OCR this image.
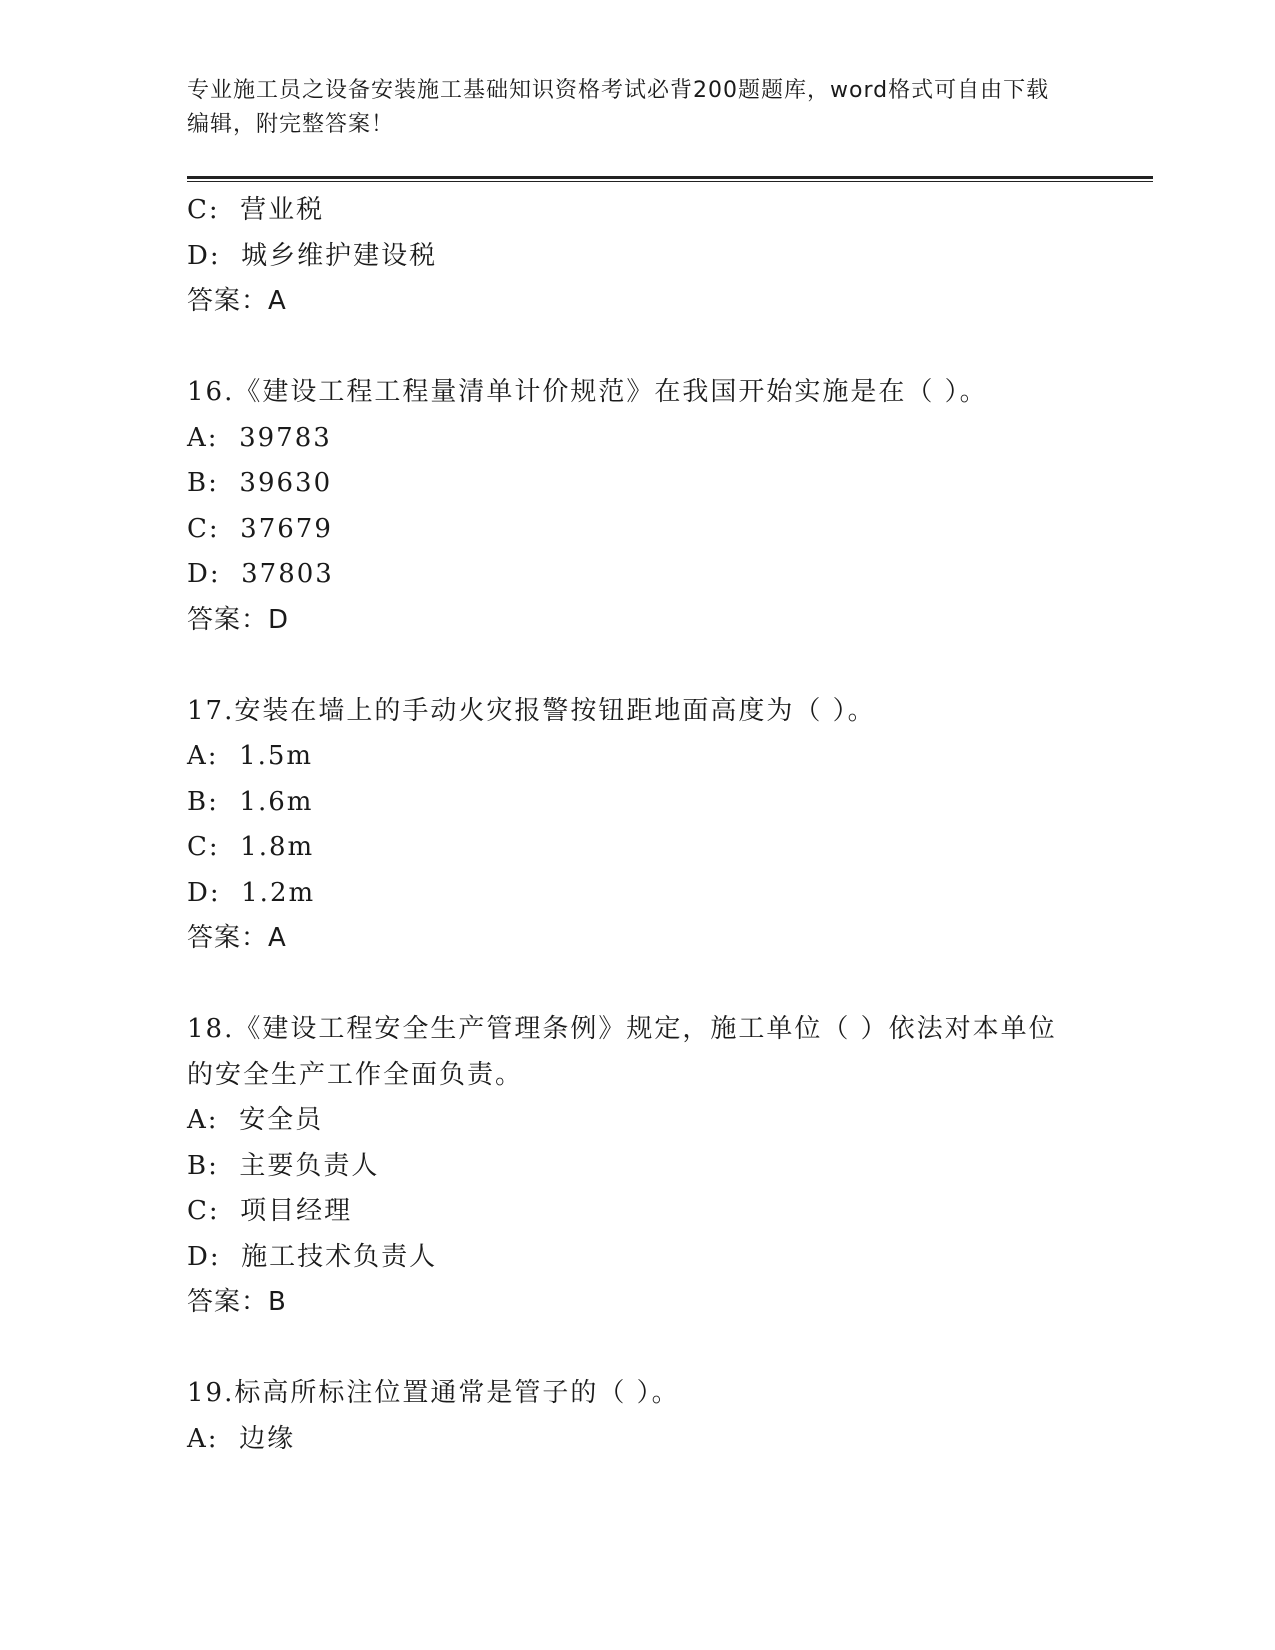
专业施工员之设备安装施工基础知识资格考试必背200题题库，word格式可自由下载编辑，附完整答案！
C:  营业税
D:  城乡维护建设税
答案：A
16.《建设工程工程量清单计价规范》在我国开始实施是在（ ）。
A:  39783
B:  39630
C:  37679
D:  37803
答案：D
17.安装在墙上的手动火灾报警按钮距地面高度为（ ）。
A:  1.5m
B:  1.6m
C:  1.8m
D:  1.2m
答案：A
18.《建设工程安全生产管理条例》规定，施工单位（ ）依法对本单位的安全生产工作全面负责。
A:  安全员
B:  主要负责人
C:  项目经理
D:  施工技术负责人
答案：B
19.标高所标注位置通常是管子的（ ）。
A:  边缘
